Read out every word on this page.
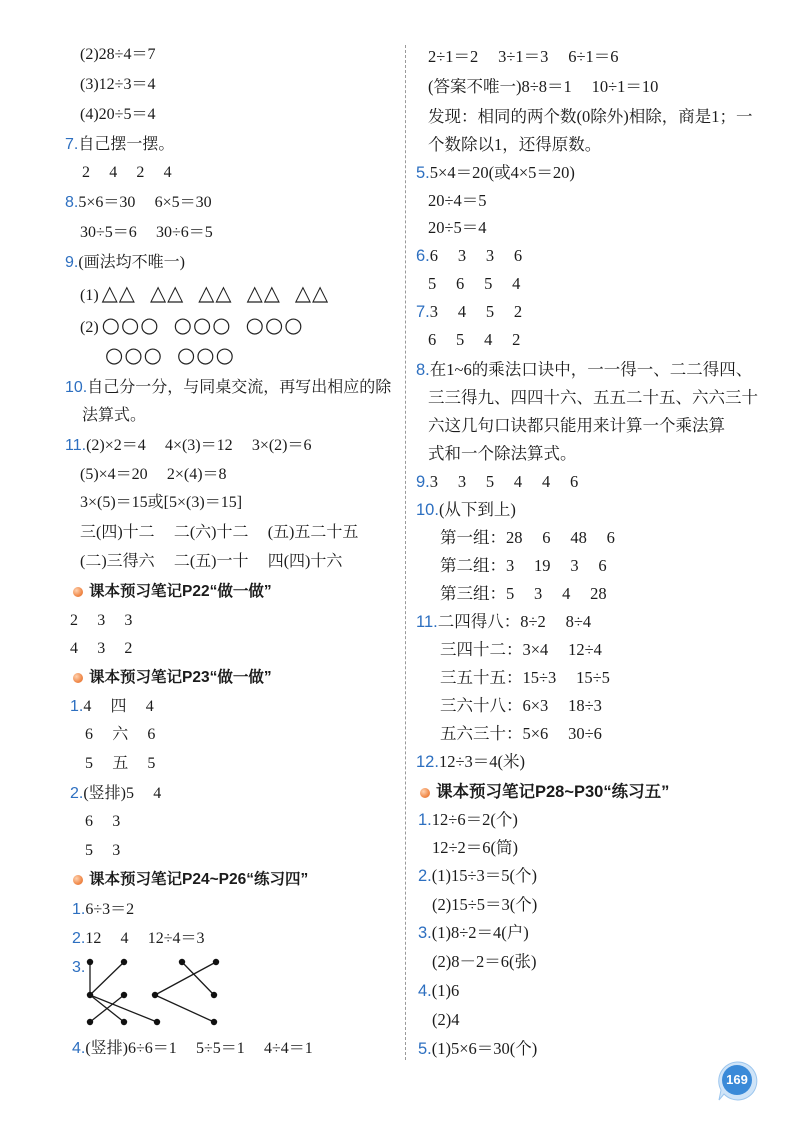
(2)28÷4＝7
(3)12÷3＝4
(4)20÷5＝4
7.自己摆一摆。
2  4  2  4
8.5×6＝30  6×5＝30
30÷5＝6  30÷6＝5
9.(画法均不唯一)
(1) △△ △△ △△ △△ △△
(2) ○○○ ○○○ ○○○
○○○ ○○○
10.自己分一分，与同桌交流，再写出相应的除
法算式。
11.(2)×2＝4  4×(3)＝12  3×(2)＝6
(5)×4＝20  2×(4)＝8
3×(5)＝15或[5×(3)＝15]
三(四)十二  二(六)十二  (五)五二十五
(二)三得六  二(五)一十  四(四)十六
课本预习笔记P22“做一做”
2  3  3
4  3  2
课本预习笔记P23“做一做”
1.4  四  4
6  六  6
5  五  5
2.(竖排)5  4
6  3
5  3
课本预习笔记P24~P26“练习四”
1.6÷3＝2
2.12  4  12÷4＝3
3.
4.(竖排)6÷6＝1  5÷5＝1  4÷4＝1
2÷1＝2  3÷1＝3  6÷1＝6
(答案不唯一)8÷8＝1  10÷1＝10
发现：相同的两个数(0除外)相除，商是1；一
个数除以1，还得原数。
5.5×4＝20(或4×5＝20)
20÷4＝5
20÷5＝4
6.6  3  3  6
5  6  5  4
7.3  4  5  2
6  5  4  2
8.在1~6的乘法口诀中，一一得一、二二得四、
三三得九、四四十六、五五二十五、六六三十
六这几句口诀都只能用来计算一个乘法算
式和一个除法算式。
9.3  3  5  4  4  6
10.(从下到上)
第一组：28  6  48  6
第二组：3  19  3  6
第三组：5  3  4  28
11.二四得八：8÷2  8÷4
三四十二：3×4  12÷4
三五十五：15÷3  15÷5
三六十八：6×3  18÷3
五六三十：5×6  30÷6
12.12÷3＝4(米)
课本预习笔记P28~P30“练习五”
1.12÷6＝2(个)
12÷2＝6(筒)
2.(1)15÷3＝5(个)
(2)15÷5＝3(个)
3.(1)8÷2＝4(户)
(2)8－2＝6(张)
4.(1)6
(2)4
5.(1)5×6＝30(个)
169
